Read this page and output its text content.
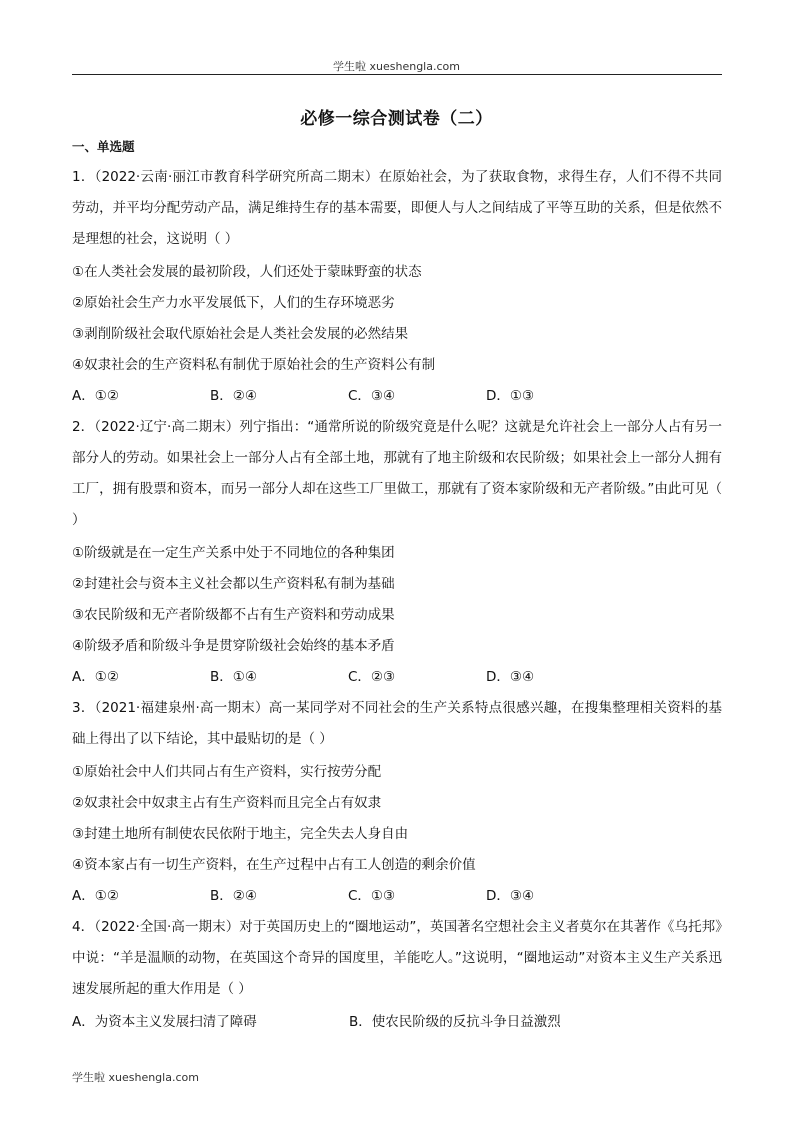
学生啦 xueshengla.com
必修一综合测试卷（二）
一、单选题
1．（2022·云南·丽江市教育科学研究所高二期末）在原始社会，为了获取食物，求得生存，人们不得不共同劳动，并平均分配劳动产品，满足维持生存的基本需要，即便人与人之间结成了平等互助的关系，但是依然不是理想的社会，这说明（ ）
①在人类社会发展的最初阶段，人们还处于蒙昧野蛮的状态
②原始社会生产力水平发展低下，人们的生存环境恶劣
③剥削阶级社会取代原始社会是人类社会发展的必然结果
④奴隶社会的生产资料私有制优于原始社会的生产资料公有制
A．①②	B．②④	C．③④	D．①③
2．（2022·辽宁·高二期末）列宁指出：“通常所说的阶级究竟是什么呢？这就是允许社会上一部分人占有另一部分人的劳动。如果社会上一部分人占有全部土地，那就有了地主阶级和农民阶级；如果社会上一部分人拥有工厂，拥有股票和资本，而另一部分人却在这些工厂里做工，那就有了资本家阶级和无产者阶级。”由此可见（ ）
①阶级就是在一定生产关系中处于不同地位的各种集团
②封建社会与资本主义社会都以生产资料私有制为基础
③农民阶级和无产者阶级都不占有生产资料和劳动成果
④阶级矛盾和阶级斗争是贯穿阶级社会始终的基本矛盾
A．①②	B．①④	C．②③	D．③④
3．（2021·福建泉州·高一期末）高一某同学对不同社会的生产关系特点很感兴趣，在搜集整理相关资料的基础上得出了以下结论，其中最贴切的是（ ）
①原始社会中人们共同占有生产资料，实行按劳分配
②奴隶社会中奴隶主占有生产资料而且完全占有奴隶
③封建土地所有制使农民依附于地主，完全失去人身自由
④资本家占有一切生产资料，在生产过程中占有工人创造的剩余价值
A．①②	B．②④	C．①③	D．③④
4．（2022·全国·高一期末）对于英国历史上的“圈地运动”，英国著名空想社会主义者莫尔在其著作《乌托邦》中说：“羊是温顺的动物，在英国这个奇异的国度里，羊能吃人。”这说明，“圈地运动”对资本主义生产关系迅速发展所起的重大作用是（ ）
A．为资本主义发展扫清了障碍	B．使农民阶级的反抗斗争日益激烈
学生啦 xueshengla.com
